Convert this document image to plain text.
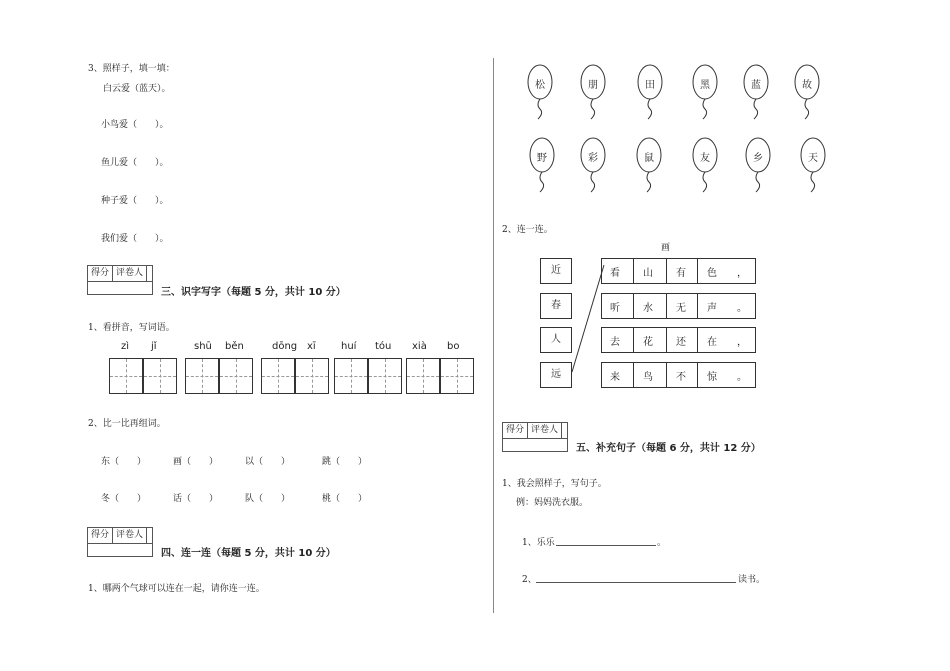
3、照样子，填一填：
白云爱（蓝天）。
小鸟爱（　　）。
鱼儿爱（　　）。
种子爱（　　）。
我们爱（　　）。
得分 评卷人
三、识字写字（每题 5 分，共计 10 分）
1、看拼音，写词语。
zì jǐ	shū běn	dōng xī	huí tóu xià bo
2、比一比再组词。
东（　　）	画（　　）	以（　　）	跳（　　）
冬（　　）	话（　　）	队（　　）	桃（　　）
得分 评卷人
四、连一连（每题 5 分，共计 10 分）
1、哪两个气球可以连在一起，请你连一连。
松	朋	田	黑	蓝	故
野	彩	鼠	友	乡	天
2、连一连。
画
近
春
人
远
看 山 有 色 ，
听 水 无 声 。
去 花 还 在 ，
来 鸟 不 惊 。
得分 评卷人
五、补充句子（每题 6 分，共计 12 分）
1、我会照样子，写句子。
例：妈妈洗衣服。
1、乐乐	。
2、	读书。
